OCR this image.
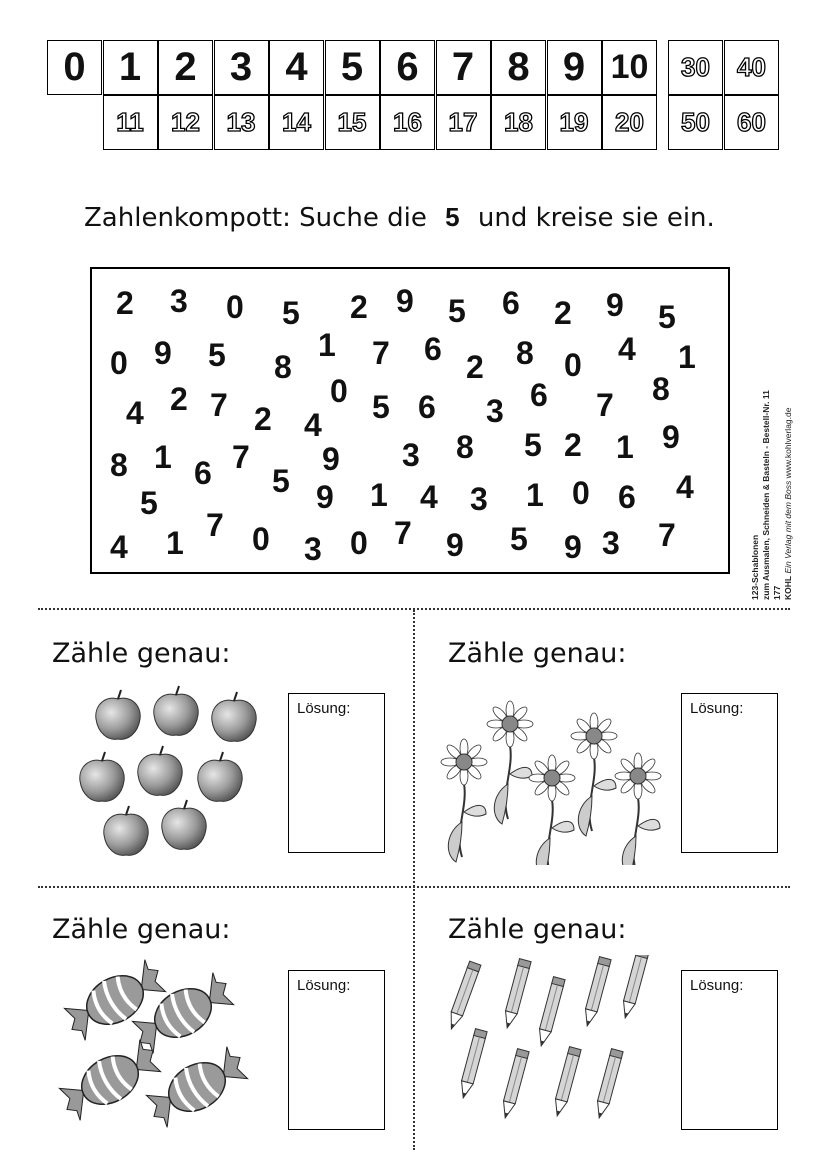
0 1 2 3 4 5 6 7 8 9 10
11 12 13 14 15 16 17 18 19 20
30 40
50 60
Zahlenkompott: Suche die 5 und kreise sie ein.
2 3 0 5 2 9 5 6 2 9 5
0 9 5 8
1 7 6 2 8 0 4 1
4 2 7 2 4
0 5 6 3 6 7 8
8 1 6 7
5
9 3 8 5 2 1 9
5	9 1 4 3 1 0 6 4
4 1 7 0 3 0 7 9 5 9 3 7	123-Schablonen zum Ausmalen, Schneiden & Basteln - Bestell-Nr. 11 177 KOHL Ein Verlag mit dem Boss www.kohlverlag.de
Zähle genau:
Lösung:
Zähle genau:
Lösung:
Zähle genau:
Lösung:
Zähle genau:
Lösung:
